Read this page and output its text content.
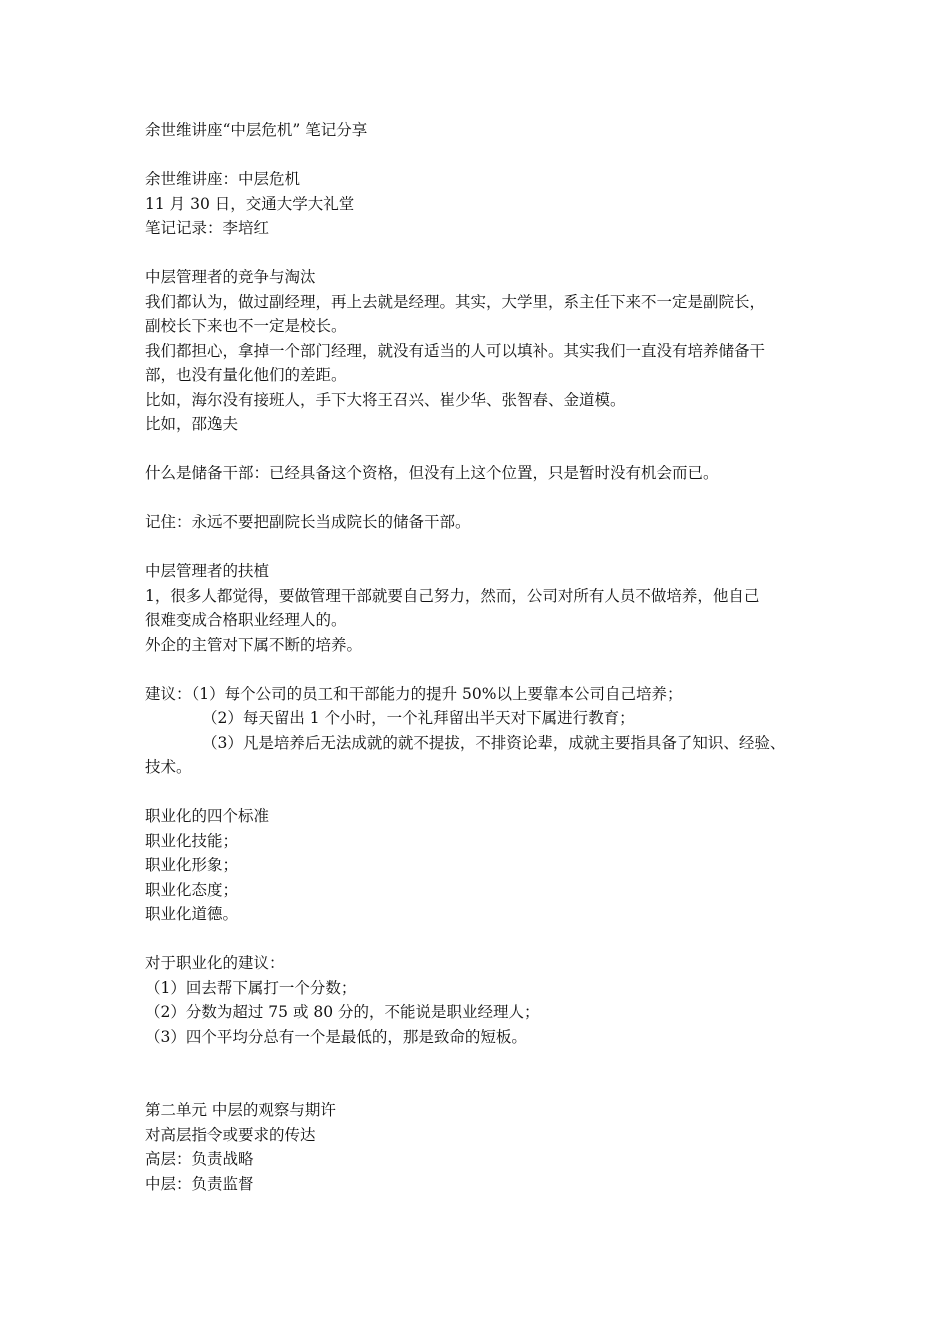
余世维讲座“中层危机” 笔记分享
余世维讲座：中层危机
11 月 30 日，交通大学大礼堂
笔记记录：李培红
中层管理者的竞争与淘汰
我们都认为，做过副经理，再上去就是经理。其实，大学里，系主任下来不一定是副院长，
副校长下来也不一定是校长。
我们都担心，拿掉一个部门经理，就没有适当的人可以填补。其实我们一直没有培养储备干
部，也没有量化他们的差距。
比如，海尔没有接班人，手下大将王召兴、崔少华、张智春、金道模。
比如，邵逸夫
什么是储备干部：已经具备这个资格，但没有上这个位置，只是暂时没有机会而已。
记住：永远不要把副院长当成院长的储备干部。
中层管理者的扶植
1，很多人都觉得，要做管理干部就要自己努力，然而，公司对所有人员不做培养，他自己
很难变成合格职业经理人的。
外企的主管对下属不断的培养。
建议：（1）每个公司的员工和干部能力的提升 50%以上要靠本公司自己培养；
（2）每天留出 1 个小时，一个礼拜留出半天对下属进行教育；
（3）凡是培养后无法成就的就不提拔，不排资论辈，成就主要指具备了知识、经验、
技术。
职业化的四个标准
职业化技能；
职业化形象；
职业化态度；
职业化道德。
对于职业化的建议：
（1）回去帮下属打一个分数；
（2）分数为超过 75 或 80 分的，不能说是职业经理人；
（3）四个平均分总有一个是最低的，那是致命的短板。
第二单元 中层的观察与期许
对高层指令或要求的传达
高层：负责战略
中层：负责监督
